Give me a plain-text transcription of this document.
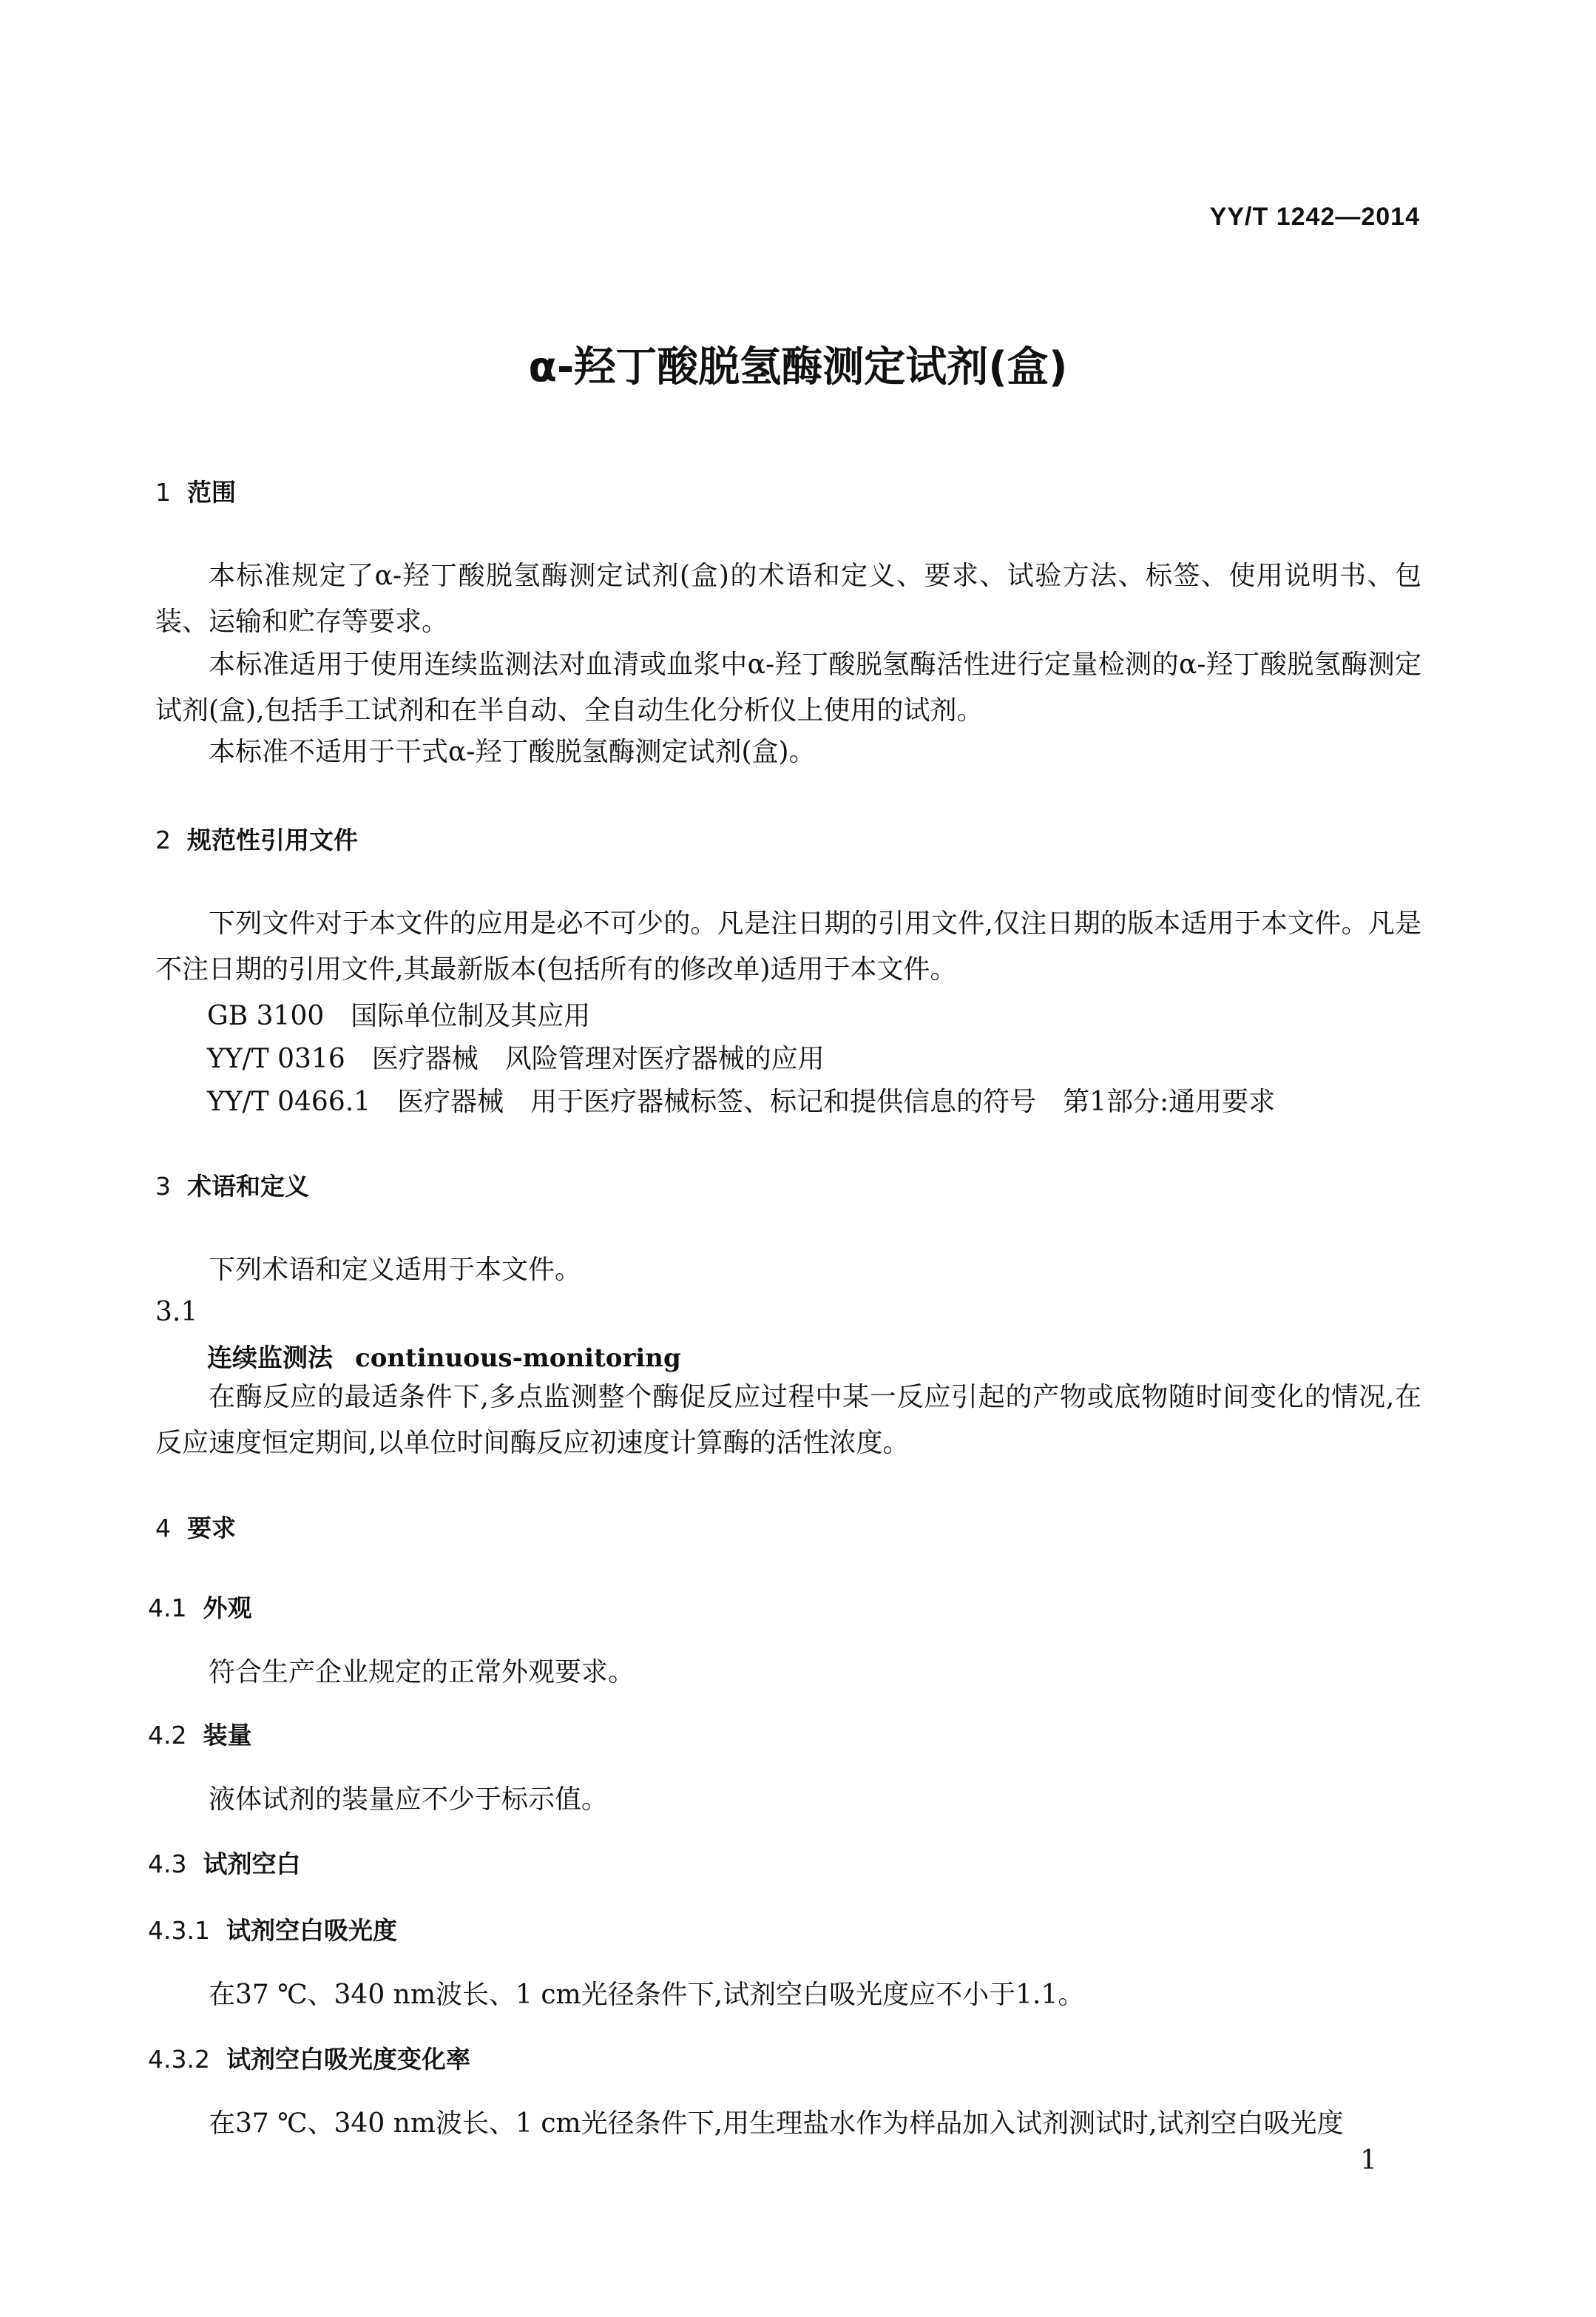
YY/T 1242—2014
α-羟丁酸脱氢酶测定试剂(盒)
1 范围
本标准规定了α-羟丁酸脱氢酶测定试剂(盒)的术语和定义、要求、试验方法、标签、使用说明书、包装、运输和贮存等要求。
本标准适用于使用连续监测法对血清或血浆中α-羟丁酸脱氢酶活性进行定量检测的α-羟丁酸脱氢酶测定试剂(盒),包括手工试剂和在半自动、全自动生化分析仪上使用的试剂。
本标准不适用于干式α-羟丁酸脱氢酶测定试剂(盒)。
2 规范性引用文件
下列文件对于本文件的应用是必不可少的。凡是注日期的引用文件,仅注日期的版本适用于本文件。凡是不注日期的引用文件,其最新版本(包括所有的修改单)适用于本文件。
GB 3100 国际单位制及其应用
YY/T 0316 医疗器械 风险管理对医疗器械的应用
YY/T 0466.1 医疗器械 用于医疗器械标签、标记和提供信息的符号 第1部分:通用要求
3 术语和定义
下列术语和定义适用于本文件。
3.1
连续监测法 continuous-monitoring
在酶反应的最适条件下,多点监测整个酶促反应过程中某一反应引起的产物或底物随时间变化的情况,在反应速度恒定期间,以单位时间酶反应初速度计算酶的活性浓度。
4 要求
4.1 外观
符合生产企业规定的正常外观要求。
4.2 装量
液体试剂的装量应不少于标示值。
4.3 试剂空白
4.3.1 试剂空白吸光度
在37 ℃、340 nm波长、1 cm光径条件下,试剂空白吸光度应不小于1.1。
4.3.2 试剂空白吸光度变化率
在37 ℃、340 nm波长、1 cm光径条件下,用生理盐水作为样品加入试剂测试时,试剂空白吸光度
1
